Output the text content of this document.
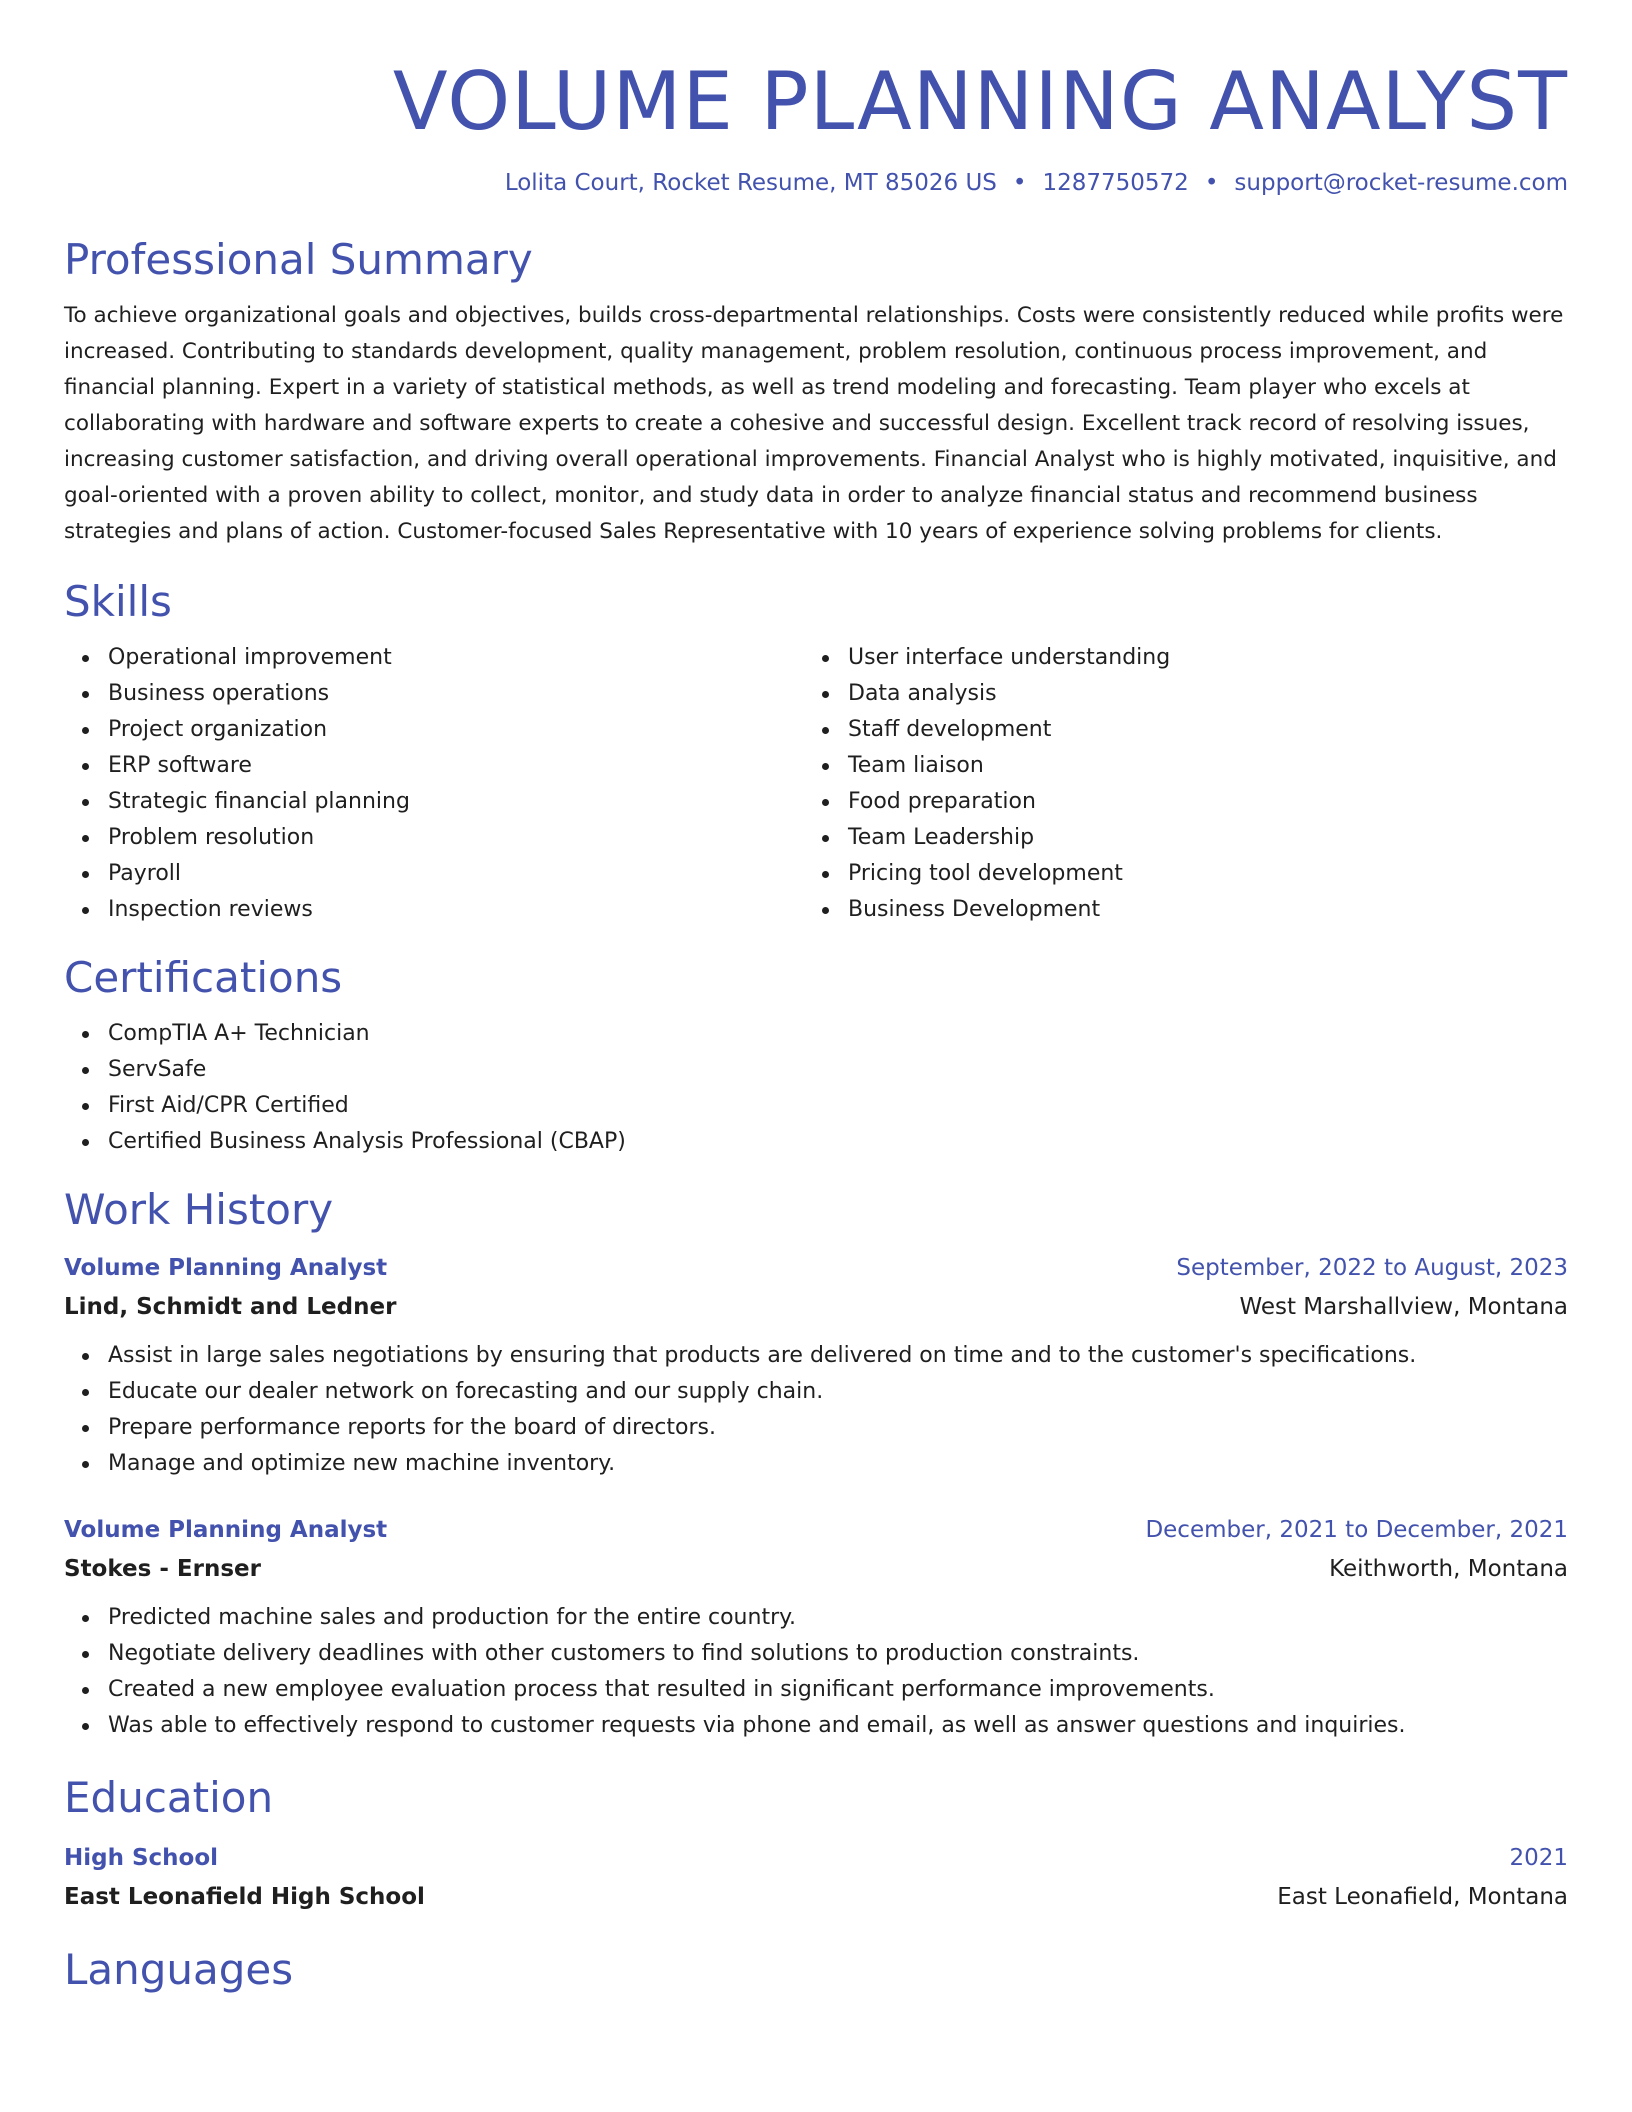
VOLUME PLANNING ANALYST
Lolita Court, Rocket Resume, MT 85026 US • 1287750572 • support@rocket-resume.com
Professional Summary

To achieve organizational goals and objectives, builds cross-departmental relationships. Costs were consistently reduced while profits were increased. Contributing to standards development, quality management, problem resolution, continuous process improvement, and financial planning. Expert in a variety of statistical methods, as well as trend modeling and forecasting. Team player who excels at collaborating with hardware and software experts to create a cohesive and successful design. Excellent track record of resolving issues, increasing customer satisfaction, and driving overall operational improvements. Financial Analyst who is highly motivated, inquisitive, and goal-oriented with a proven ability to collect, monitor, and study data in order to analyze financial status and recommend business strategies and plans of action. Customer-focused Sales Representative with 10 years of experience solving problems for clients.

Skills
Operational improvement
Business operations
Project organization
ERP software
Strategic financial planning
Problem resolution
Payroll
Inspection reviews
User interface understanding
Data analysis
Staff development
Team liaison
Food preparation
Team Leadership
Pricing tool development
Business Development
Certifications
CompTIA A+ Technician
ServSafe
First Aid/CPR Certified
Certified Business Analysis Professional (CBAP)
Work History
Volume Planning Analyst	September, 2022 to August, 2023
Lind, Schmidt and Ledner	West Marshallview, Montana
Assist in large sales negotiations by ensuring that products are delivered on time and to the customer's specifications.
Educate our dealer network on forecasting and our supply chain.
Prepare performance reports for the board of directors.
Manage and optimize new machine inventory.
Volume Planning Analyst	December, 2021 to December, 2021
Stokes - Ernser	Keithworth, Montana
Predicted machine sales and production for the entire country.
Negotiate delivery deadlines with other customers to find solutions to production constraints.
Created a new employee evaluation process that resulted in significant performance improvements.
Was able to effectively respond to customer requests via phone and email, as well as answer questions and inquiries.
Education
High School	2021
East Leonafield High School	East Leonafield, Montana
Languages
